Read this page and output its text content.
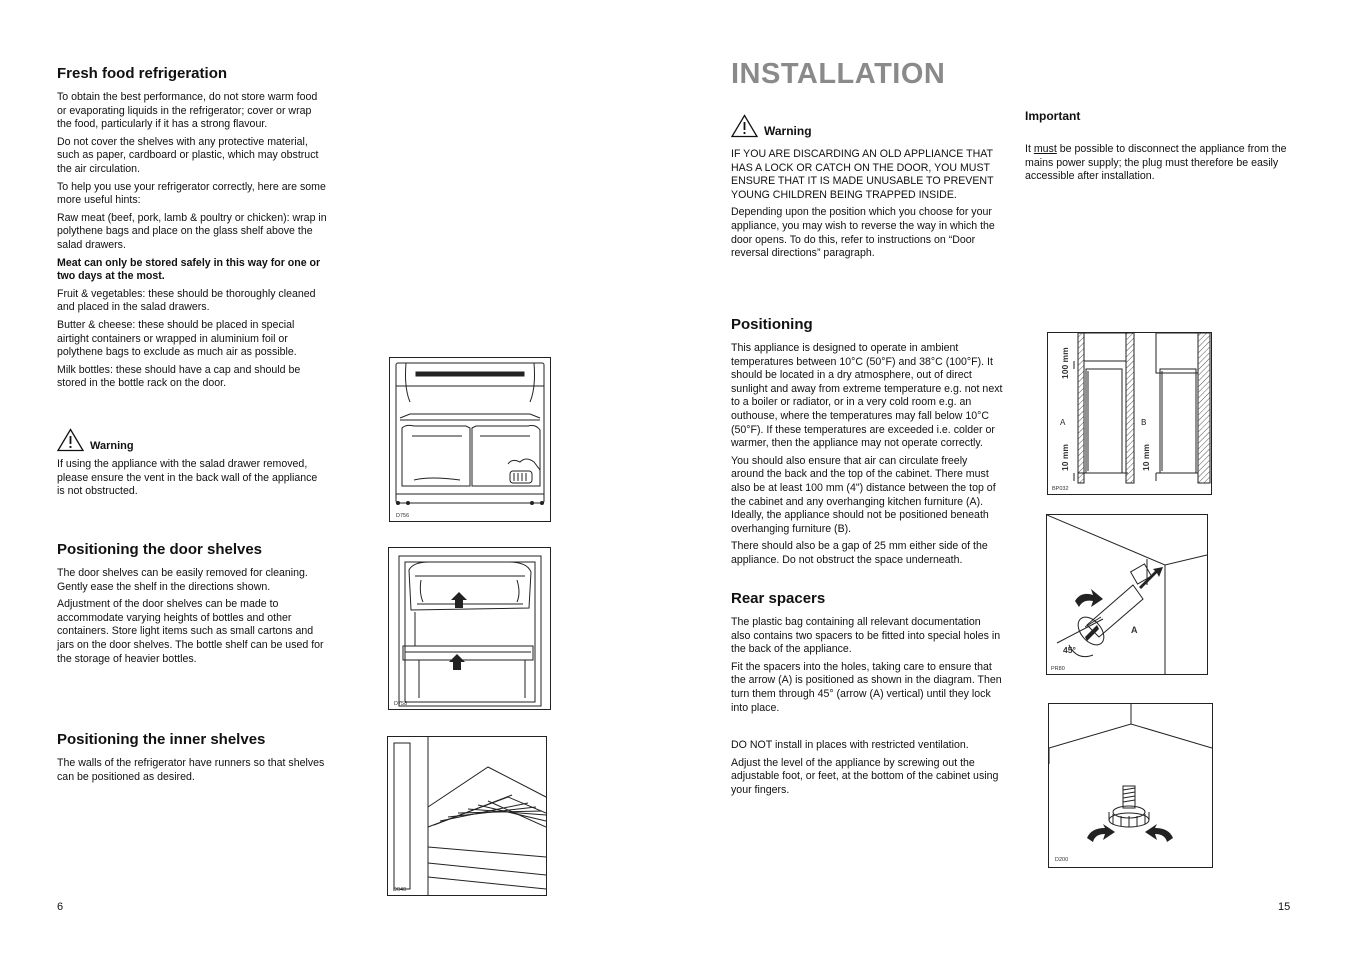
Fresh food refrigeration

To obtain the best performance, do not store warm food or evaporating liquids in the refrigerator; cover or wrap the food, particularly if it has a strong flavour.

Do not cover the shelves with any protective material, such as paper, cardboard or plastic, which may obstruct the air circulation.

To help you use your refrigerator correctly, here are some more useful hints:

Raw meat (beef, pork, lamb & poultry or chicken): wrap in polythene bags and place on the glass shelf above the salad drawers.

Meat can only be stored safely in this way for one or two days at the most.

Fruit & vegetables: these should be thoroughly cleaned and placed in the salad drawers.

Butter & cheese: these should be placed in special airtight containers or wrapped in aluminium foil or polythene bags to exclude as much air as possible.

Milk bottles: these should have a cap and should be stored in the bottle rack on the door.

Warning

If using the appliance with the salad drawer removed, please ensure the vent in the back wall of the appliance is not obstructed.

Positioning the door shelves

The door shelves can be easily removed for cleaning. Gently ease the shelf in the directions shown.

Adjustment of the door shelves can be made to accommodate varying heights of bottles and other containers. Store light items such as small cartons and jars on the door shelves. The bottle shelf can be used for the storage of heavier bottles.

Positioning the inner shelves

The walls of the refrigerator have runners so that shelves can be positioned as desired.

D756
D758
D040
6
INSTALLATION
Warning

IF YOU ARE DISCARDING AN OLD APPLIANCE THAT HAS A LOCK OR CATCH ON THE DOOR, YOU MUST ENSURE THAT IT IS MADE UNUSABLE TO PREVENT YOUNG CHILDREN BEING TRAPPED INSIDE.

Depending upon the position which you choose for your appliance, you may wish to reverse the way in which the door opens. To do this, refer to instructions on “Door reversal directions” paragraph.

Important

It must be possible to disconnect the appliance from the mains power supply; the plug must therefore be easily accessible after installation.

Positioning

This appliance is designed to operate in ambient temperatures between 10°C (50°F) and 38°C (100°F). It should be located in a dry atmosphere, out of direct sunlight and away from extreme temperature e.g. not next to a boiler or radiator, or in a very cold room e.g. an outhouse, where the temperatures may fall below 10°C (50°F). If these temperatures are exceeded i.e. colder or warmer, then the appliance may not operate correctly.

You should also ensure that air can circulate freely around the back and the top of the cabinet. There must also be at least 100 mm (4") distance between the top of the cabinet and any overhanging kitchen furniture (A). Ideally, the appliance should not be positioned beneath overhanging furniture (B).

There should also be a gap of 25 mm either side of the appliance. Do not obstruct the space underneath.

Rear spacers

The plastic bag containing all relevant documentation also contains two spacers to be fitted into special holes in the back of the appliance.

Fit the spacers into the holes, taking care to ensure that the arrow (A) is positioned as shown in the diagram. Then turn them through 45° (arrow (A) vertical) until they lock into place.

DO NOT install in places with restricted ventilation.

Adjust the level of the appliance by screwing out the adjustable foot, or feet, at the bottom of the cabinet using your fingers.

100 mm
10 mm	10 mm
A	B
BP032
A
45°
PR80
D200
15
